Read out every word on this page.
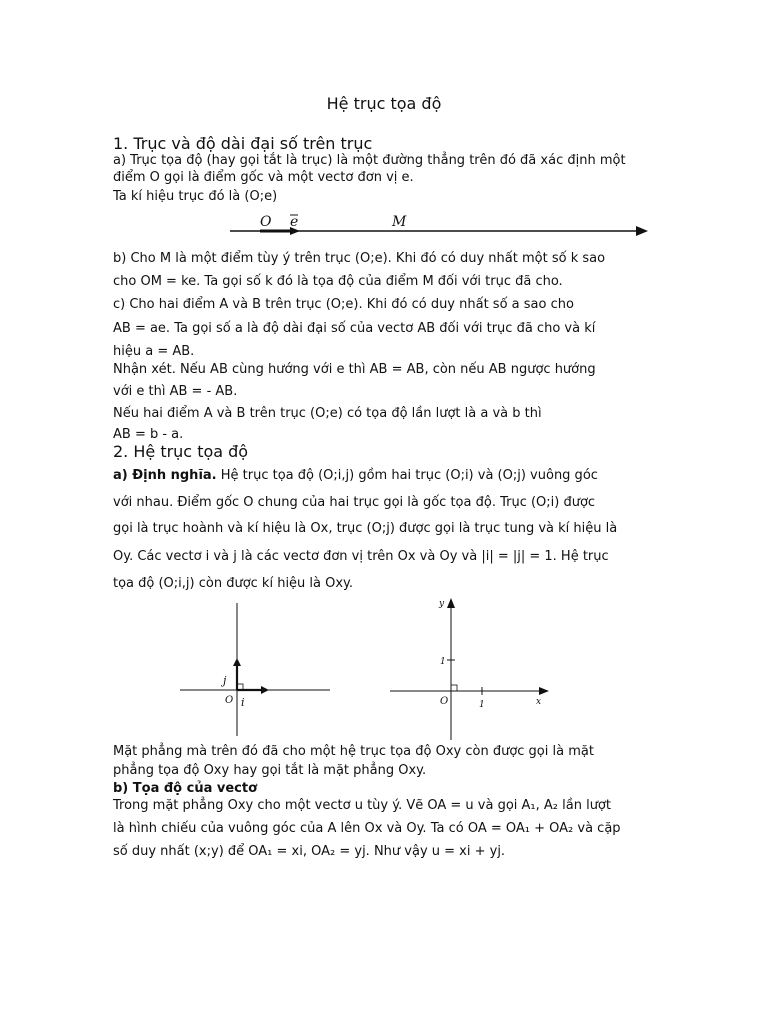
Hệ trục tọa độ
1. Trục và độ dài đại số trên trục
a) Trục tọa độ (hay gọi tắt là trục) là một đường thẳng trên đó đã xác định một
điểm O gọi là điểm gốc và một vectơ đơn vị e.
Ta kí hiệu trục đó là (O;e)
O e	M
b) Cho M là một điểm tùy ý trên trục (O;e). Khi đó có duy nhất một số k sao
cho OM = ke. Ta gọi số k đó là tọa độ của điểm M đối với trục đã cho.
c) Cho hai điểm A và B trên trục (O;e). Khi đó có duy nhất số a sao cho
AB = ae. Ta gọi số a là độ dài đại số của vectơ AB đối với trục đã cho và kí
hiệu a = AB.
Nhận xét. Nếu AB cùng hướng với e thì AB = AB, còn nếu AB ngược hướng
với e thì AB = - AB.
Nếu hai điểm A và B trên trục (O;e) có tọa độ lần lượt là a và b thì
AB = b - a.
2. Hệ trục tọa độ
a) Định nghĩa. Hệ trục tọa độ (O;i,j) gồm hai trục (O;i) và (O;j) vuông góc
với nhau. Điểm gốc O chung của hai trục gọi là gốc tọa độ. Trục (O;i) được
gọi là trục hoành và kí hiệu là Ox, trục (O;j) được gọi là trục tung và kí hiệu là
Oy. Các vectơ i và j là các vectơ đơn vị trên Ox và Oy và |i| = |j| = 1. Hệ trục
tọa độ (O;i,j) còn được kí hiệu là Oxy.
O i
j
y
x
O	1
1
Mặt phẳng mà trên đó đã cho một hệ trục tọa độ Oxy còn được gọi là mặt
phẳng tọa độ Oxy hay gọi tắt là mặt phẳng Oxy.
b) Tọa độ của vectơ
Trong mặt phẳng Oxy cho một vectơ u tùy ý. Vẽ OA = u và gọi A₁, A₂ lần lượt
là hình chiếu của vuông góc của A lên Ox và Oy. Ta có OA = OA₁ + OA₂ và cặp
số duy nhất (x;y) để OA₁ = xi, OA₂ = yj. Như vậy u = xi + yj.
